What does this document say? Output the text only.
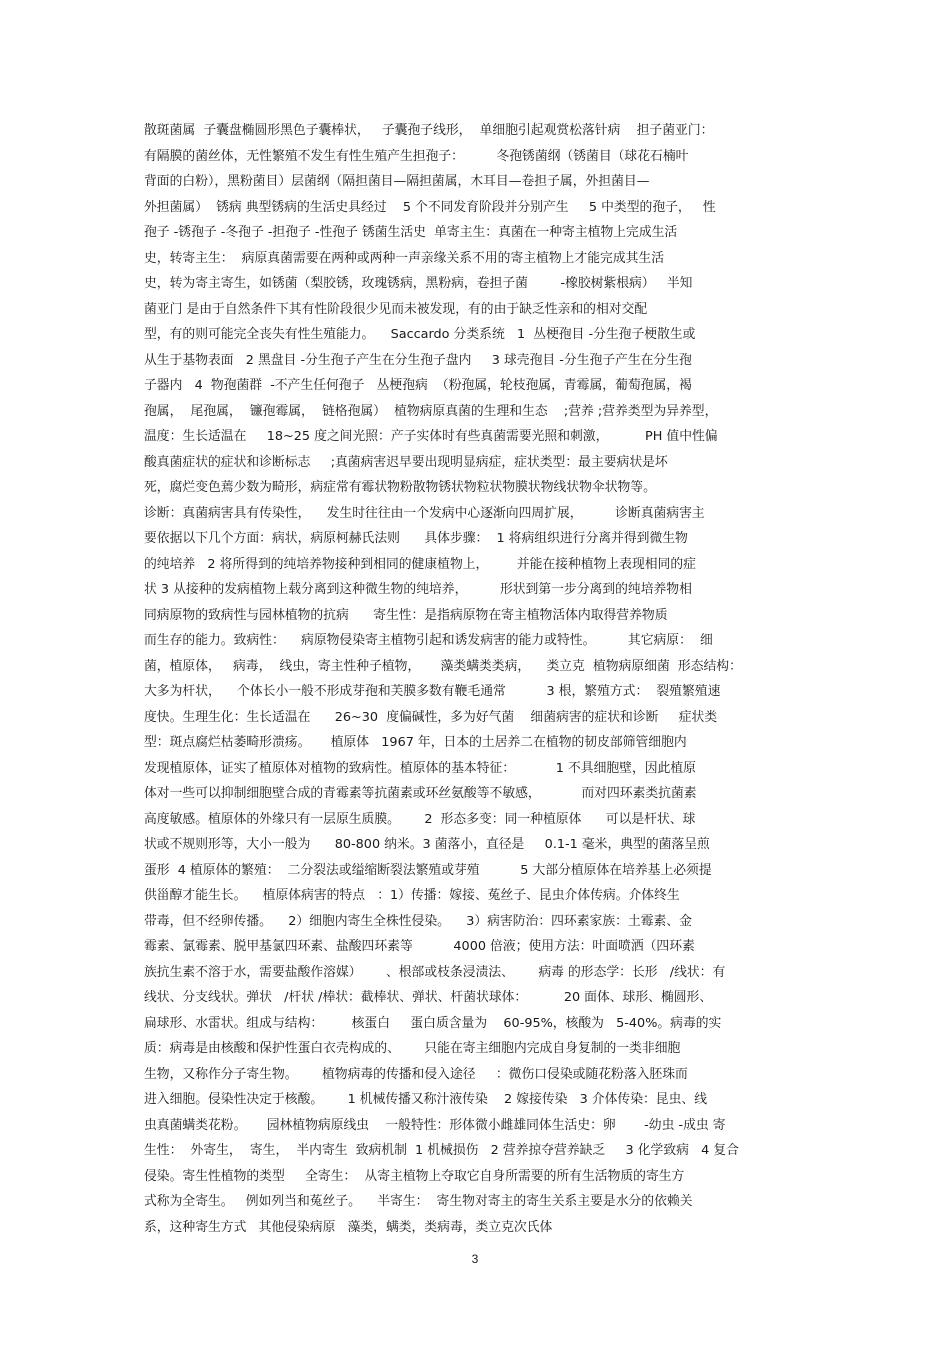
散斑菌属  子囊盘椭圆形黑色子囊棒状，   子囊孢子线形，  单细胞引起观赏松落针病    担子菌亚门：
有隔膜的菌丝体，无性繁殖不发生有性生殖产生担孢子：        冬孢锈菌纲（锈菌目（球花石楠叶
背面的白粉），黑粉菌目）层菌纲（隔担菌目—隔担菌属，木耳目—卷担子属，外担菌目—
外担菌属）  锈病 典型锈病的生活史具经过    5 个不同发育阶段并分别产生     5 中类型的孢子，   性
孢子 -锈孢子 -冬孢子 -担孢子 -性孢子 锈菌生活史  单寄主生：真菌在一种寄主植物上完成生活
史，转寄主生：  病原真菌需要在两种或两种一声亲缘关系不用的寄主植物上才能完成其生活
史，转为寄主寄生，如锈菌（梨胶锈，玫瑰锈病，黑粉病，卷担子菌        -橡胶树紫根病）   半知
菌亚门 是由于自然条件下其有性阶段很少见而未被发现，有的由于缺乏性亲和的相对交配
型，有的则可能完全丧失有性生殖能力。    Saccardo 分类系统   1  丛梗孢目 -分生孢子梗散生或
从生于基物表面   2 黑盘目 -分生孢子产生在分生孢子盘内     3 球壳孢目 -分生孢子产生在分生孢
子器内   4  物孢菌群  -不产生任何孢子   丛梗孢病  （粉孢属，轮枝孢属，青霉属，葡萄孢属，褐
孢属，  尾孢属，  镰孢霉属，  链格孢属）  植物病原真菌的生理和生态    ;营养 ;营养类型为异养型，
温度：生长适温在     18~25 度之间光照：产子实体时有些真菌需要光照和刺激，         PH 值中性偏
酸真菌症状的症状和诊断标志     ;真菌病害迟早要出现明显病症，症状类型：最主要病状是坏
死，腐烂变色蔫少数为畸形，病症常有霉状物粉散物锈状物粒状物膜状物线状物伞状物等。
诊断：真菌病害具有传染性，    发生时往往由一个发病中心逐渐向四周扩展，        诊断真菌病害主
要依据以下几个方面：病状，病原柯赫氏法则      具体步骤：  1 将病组织进行分离并得到微生物
的纯培养   2 将所得到的纯培养物接种到相同的健康植物上，       并能在接种植物上表现相同的症
状 3 从接种的发病植物上载分离到这种微生物的纯培养，        形状到第一步分离到的纯培养物相
同病原物的致病性与园林植物的抗病      寄生性：是指病原物在寄主植物活体内取得营养物质
而生存的能力。致病性：    病原物侵染寄主植物引起和诱发病害的能力或特性。        其它病原：  细
菌，植原体，   病毒，  线虫，寄主性种子植物，     藻类螨类类病，    类立克  植物病原细菌  形态结构：
大多为杆状，    个体长小一般不形成芽孢和芙膜多数有鞭毛通常          3 根，繁殖方式：  裂殖繁殖速
度快。生理生化：生长适温在      26~30  度偏碱性，多为好气菌    细菌病害的症状和诊断     症状类
型：斑点腐烂枯萎畸形溃疡。     植原体   1967 年，日本的土居养二在植物的韧皮部筛管细胞内
发现植原体，证实了植原体对植物的致病性。植原体的基本特征：          1 不具细胞壁，因此植原
体对一些可以抑制细胞壁合成的青霉素等抗菌素或环丝氨酸等不敏感，          而对四环素类抗菌素
高度敏感。植原体的外缘只有一层原生质膜。      2  形态多变：同一种植原体      可以是杆状、球
状或不规则形等，大小一般为      80-800 纳米。3 菌落小，直径是     0.1-1 毫米，典型的菌落呈煎
蛋形  4 植原体的繁殖：  二分裂法或缢缩断裂法繁殖或芽殖          5 大部分植原体在培养基上必须提
供甾醇才能生长。    植原体病害的特点   ：1）传播：嫁接、菟丝子、昆虫介体传病。介体终生
带毒，但不经卵传播。    2）细胞内寄生全株性侵染。    3）病害防治：四环素家族：土霉素、金
霉素、氯霉素、脱甲基氯四环素、盐酸四环素等          4000 倍液；使用方法：叶面喷洒（四环素
族抗生素不溶于水，需要盐酸作溶媒）      、根部或枝条浸渍法、      病毒 的形态学：长形   /线状：有
线状、分支线状。弹状   /杆状 /棒状：截棒状、弹状、杆菌状球体：         20 面体、球形、椭圆形、
扁球形、水雷状。组成与结构：       核蛋白     蛋白质含量为    60-95%，核酸为   5-40%。病毒的实
质：病毒是由核酸和保护性蛋白衣壳构成的、      只能在寄主细胞内完成自身复制的一类非细胞
生物，又称作分子寄生物。      植物病毒的传播和侵入途径     ：微伤口侵染或随花粉落入胚珠而
进入细胞。侵染性决定于核酸。      1 机械传播又称汁液传染    2 嫁接传染   3 介体传染：昆虫、线
虫真菌螨类花粉。     园林植物病原线虫    一般特性：形体微小雌雄同体生活史：卵       -幼虫 -成虫 寄
生性：  外寄生，  寄生，  半内寄生  致病机制  1 机械损伤   2 营养掠夺营养缺乏     3 化学致病   4 复合
侵染。寄生性植物的类型     全寄生：  从寄主植物上夺取它自身所需要的所有生活物质的寄生方
式称为全寄生。   例如列当和菟丝子。    半寄生：  寄生物对寄主的寄生关系主要是水分的依赖关
系，这种寄生方式   其他侵染病原   藻类，螨类，类病毒，类立克次氏体
3
